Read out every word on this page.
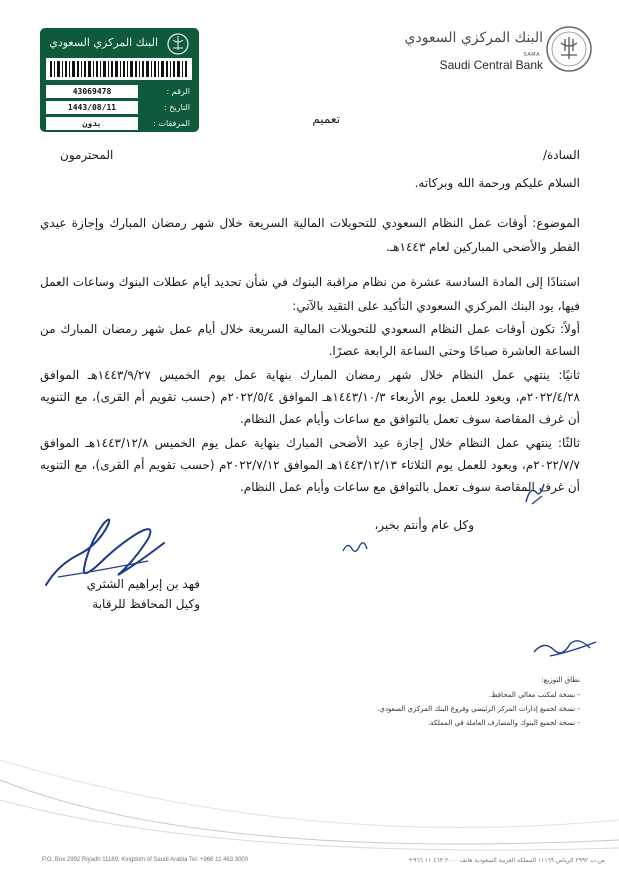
البنك المركزي السعودي
43069478	الرقم :
1443/08/11	التاريخ :
بدون	المرفقات :
البنك المركزي السعودي
SAMA
Saudi Central Bank
تعميم
السادة/
المحترمون
السلام عليكم ورحمة الله وبركاته.
الموضوع: أوقات عمل النظام السعودي للتحويلات المالية السريعة خلال شهر رمضان المبارك وإجازة عيدي الفطر والأضحى المباركين لعام ١٤٤٣هـ.
استنادًا إلى المادة السادسة عشرة من نظام مراقبة البنوك في شأن تحديد أيام عطلات البنوك وساعات العمل فيها، يود البنك المركزي السعودي التأكيد على التقيد بالآتي:
أولاً: تكون أوقات عمل النظام السعودي للتحويلات المالية السريعة خلال أيام عمل شهر رمضان المبارك من الساعة العاشرة صباحًا وحتى الساعة الرابعة عصرًا.
ثانيًا: ينتهي عمل النظام خلال شهر رمضان المبارك بنهاية عمل يوم الخميس ١٤٤٣/٩/٢٧هـ الموافق ٢٠٢٢/٤/٢٨م، ويعود للعمل يوم الأربعاء ١٤٤٣/١٠/٣هـ الموافق ٢٠٢٢/٥/٤م (حسب تقويم أم القرى)، مع التنويه أن غرف المقاصة سوف تعمل بالتوافق مع ساعات وأيام عمل النظام.
ثالثًا: ينتهي عمل النظام خلال إجازة عيد الأضحى المبارك بنهاية عمل يوم الخميس ١٤٤٣/١٢/٨هـ الموافق ٢٠٢٢/٧/٧م، ويعود للعمل يوم الثلاثاء ١٤٤٣/١٢/١٣هـ الموافق ٢٠٢٢/٧/١٢م (حسب تقويم أم القرى)، مع التنويه أن غرف المقاصة سوف تعمل بالتوافق مع ساعات وأيام عمل النظام.
وكل عام وأنتم بخير،
فهد بن إبراهيم الشثري
وكيل المحافظ للرقابة
نطاق التوزيع:
- نسخة لمكتب معالي المحافظ.
- نسخة لجميع إدارات المركز الرئيسي وفروع البنك المركزي السعودي.
- نسخة لجميع البنوك والمصارف العاملة في المملكة.
P.O. Box 2992 Riyadh 11169, Kingdom of Saudi Arabia Tel: +966 11 463 3000	ص.ب ٢٩٩٢ الرياض ١١١٦٩ المملكة العربية السعودية هاتف ٣٠٠٠ ٤٦٣ ١١ ٩٦٦+
